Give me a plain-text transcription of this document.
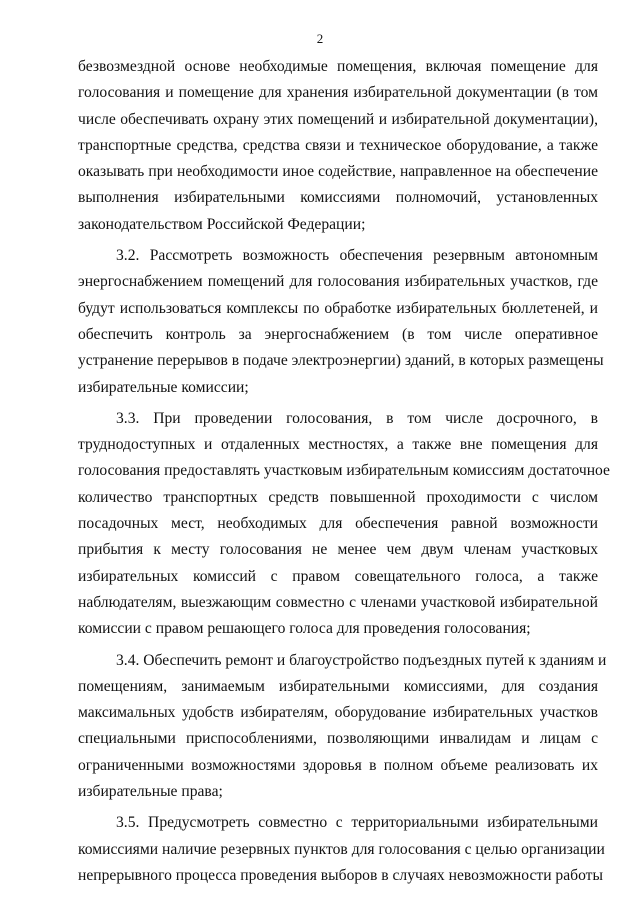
2
безвозмездной основе необходимые помещения, включая помещение для
голосования и помещение для хранения избирательной документации (в том
числе обеспечивать охрану этих помещений и избирательной документации),
транспортные средства, средства связи и техническое оборудование, а также
оказывать при необходимости иное содействие, направленное на обеспечение
выполнения избирательными комиссиями полномочий, установленных
законодательством Российской Федерации;
3.2. Рассмотреть возможность обеспечения резервным автономным
энергоснабжением помещений для голосования избирательных участков, где
будут использоваться комплексы по обработке избирательных бюллетеней, и
обеспечить контроль за энергоснабжением (в том числе оперативное
устранение перерывов в подаче электроэнергии) зданий, в которых размещены
избирательные комиссии;
3.3. При проведении голосования, в том числе досрочного, в
труднодоступных и отдаленных местностях, а также вне помещения для
голосования предоставлять участковым избирательным комиссиям достаточное
количество транспортных средств повышенной проходимости с числом
посадочных мест, необходимых для обеспечения равной возможности
прибытия к месту голосования не менее чем двум членам участковых
избирательных комиссий с правом совещательного голоса, а также
наблюдателям, выезжающим совместно с членами участковой избирательной
комиссии с правом решающего голоса для проведения голосования;
3.4. Обеспечить ремонт и благоустройство подъездных путей к зданиям и
помещениям, занимаемым избирательными комиссиями, для создания
максимальных удобств избирателям, оборудование избирательных участков
специальными приспособлениями, позволяющими инвалидам и лицам с
ограниченными возможностями здоровья в полном объеме реализовать их
избирательные права;
3.5. Предусмотреть совместно с территориальными избирательными
комиссиями наличие резервных пунктов для голосования с целью организации
непрерывного процесса проведения выборов в случаях невозможности работы
